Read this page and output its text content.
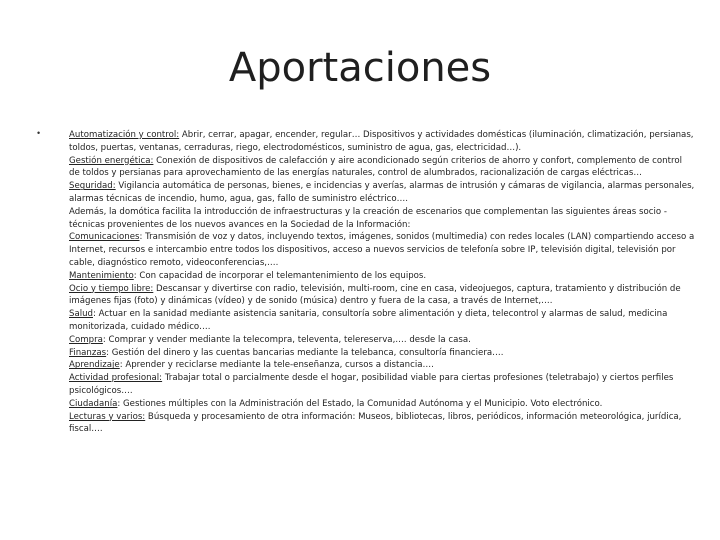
Aportaciones
•	Automatización y control: Abrir, cerrar, apagar, encender, regular… Dispositivos y actividades domésticas (iluminación, climatización, persianas, toldos, puertas, ventanas, cerraduras, riego, electrodomésticos, suministro de agua, gas, electricidad…).
Gestión energética: Conexión de dispositivos de calefacción y aire acondicionado según criterios de ahorro y confort, complemento de control de toldos y persianas para aprovechamiento de las energías naturales, control de alumbrados, racionalización de cargas eléctricas…
Seguridad: Vigilancia automática de personas, bienes, e incidencias y averías, alarmas de intrusión y cámaras de vigilancia, alarmas personales, alarmas técnicas de incendio, humo, agua, gas, fallo de suministro eléctrico….
Además, la domótica facilita la introducción de infraestructuras y la creación de escenarios que complementan las siguientes áreas socio -técnicas provenientes de los nuevos avances en la Sociedad de la Información:
Comunicaciones: Transmisión de voz y datos, incluyendo textos, imágenes, sonidos (multimedia) con redes locales (LAN) compartiendo acceso a Internet, recursos e intercambio entre todos los dispositivos, acceso a nuevos servicios de telefonía sobre IP, televisión digital, televisión por cable, diagnóstico remoto, videoconferencias,….
Mantenimiento: Con capacidad de incorporar el telemantenimiento de los equipos.
Ocio y tiempo libre: Descansar y divertirse con radio, televisión, multi-room, cine en casa, videojuegos, captura, tratamiento y distribución de imágenes fijas (foto) y dinámicas (vídeo) y de sonido (música) dentro y fuera de la casa, a través de Internet,….
Salud: Actuar en la sanidad mediante asistencia sanitaria, consultoría sobre alimentación y dieta, telecontrol y alarmas de salud, medicina monitorizada, cuidado médico….
Compra: Comprar y vender mediante la telecompra, televenta, telereserva,…. desde la casa.
Finanzas: Gestión del dinero y las cuentas bancarias mediante la telebanca, consultoría financiera….
Aprendizaje: Aprender y reciclarse mediante la tele-enseñanza, cursos a distancia….
Actividad profesional: Trabajar total o parcialmente desde el hogar, posibilidad viable para ciertas profesiones (teletrabajo) y ciertos perfiles psicológicos….
Ciudadanía: Gestiones múltiples con la Administración del Estado, la Comunidad Autónoma y el Municipio. Voto electrónico.
Lecturas y varios: Búsqueda y procesamiento de otra información: Museos, bibliotecas, libros, periódicos, información meteorológica, jurídica, fiscal….
